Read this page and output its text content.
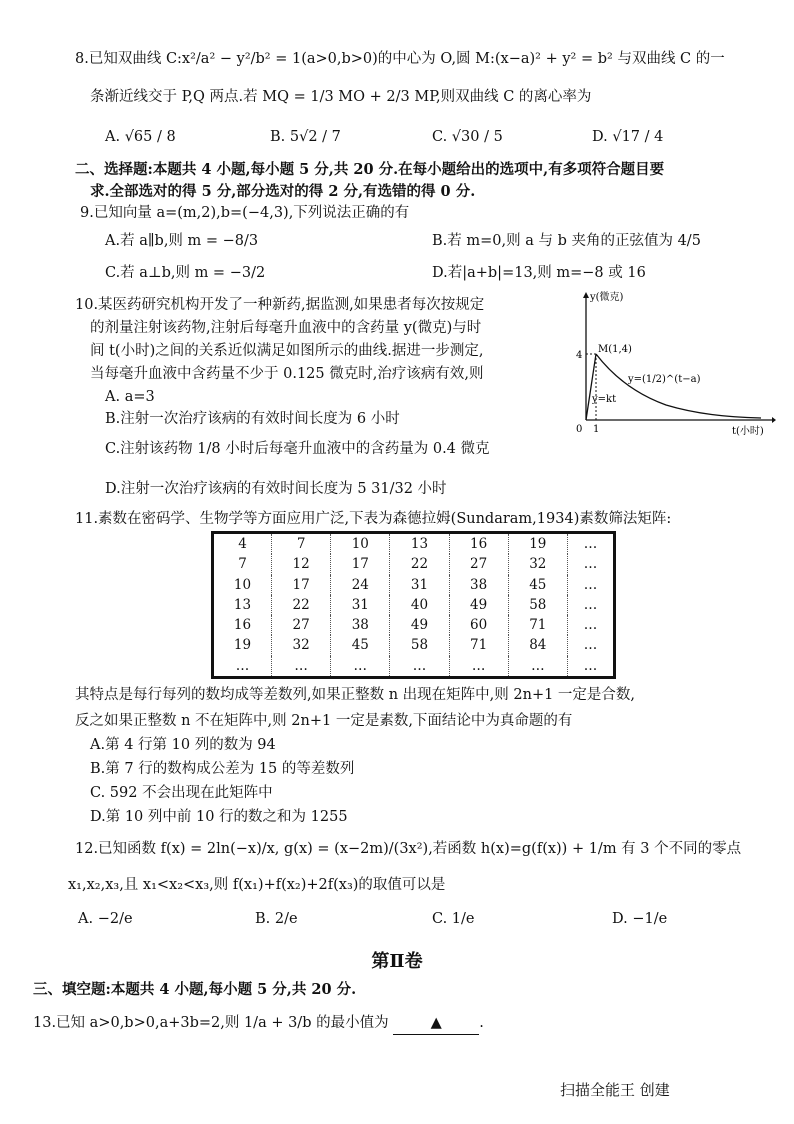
8.已知双曲线 C:x²/a² − y²/b² = 1(a>0,b>0)的中心为 O,圆 M:(x−a)² + y² = b² 与双曲线 C 的一
条渐近线交于 P,Q 两点.若 MQ = 1/3 MO + 2/3 MP,则双曲线 C 的离心率为
A. √65 / 8	B. 5√2 / 7	C. √30 / 5	D. √17 / 4
二、选择题:本题共 4 小题,每小题 5 分,共 20 分.在每小题给出的选项中,有多项符合题目要
求.全部选对的得 5 分,部分选对的得 2 分,有选错的得 0 分.
9.已知向量 a=(m,2),b=(−4,3),下列说法正确的有
A.若 a∥b,则 m = −8/3	B.若 m=0,则 a 与 b 夹角的正弦值为 4/5
C.若 a⊥b,则 m = −3/2	D.若|a+b|=13,则 m=−8 或 16
10.某医药研究机构开发了一种新药,据监测,如果患者每次按规定
的剂量注射该药物,注射后每毫升血液中的含药量 y(微克)与时
间 t(小时)之间的关系近似满足如图所示的曲线.据进一步测定,
当每毫升血液中含药量不少于 0.125 微克时,治疗该病有效,则
A. a=3
B.注射一次治疗该病的有效时间长度为 6 小时
C.注射该药物 1/8 小时后每毫升血液中的含药量为 0.4 微克
D.注射一次治疗该病的有效时间长度为 5 31/32 小时
y(微克)
t(小时)
M(1,4)
4
1
0
y=(1/2)^(t−a)
y=kt
11.素数在密码学、生物学等方面应用广泛,下表为森德拉姆(Sundaram,1934)素数筛法矩阵:
4	7	10	13	16	19	…
7	12	17	22	27	32	…
10	17	24	31	38	45	…
13	22	31	40	49	58	…
16	27	38	49	60	71	…
19	32	45	58	71	84	…
…	…	…	…	…	…	…
其特点是每行每列的数均成等差数列,如果正整数 n 出现在矩阵中,则 2n+1 一定是合数,
反之如果正整数 n 不在矩阵中,则 2n+1 一定是素数,下面结论中为真命题的有
A.第 4 行第 10 列的数为 94
B.第 7 行的数构成公差为 15 的等差数列
C. 592 不会出现在此矩阵中
D.第 10 列中前 10 行的数之和为 1255
12.已知函数 f(x) = 2ln(−x)/x, g(x) = (x−2m)/(3x²),若函数 h(x)=g(f(x)) + 1/m 有 3 个不同的零点
x₁,x₂,x₃,且 x₁<x₂<x₃,则 f(x₁)+f(x₂)+2f(x₃)的取值可以是
A. −2/e	B. 2/e	C. 1/e	D. −1/e
第Ⅱ卷
三、填空题:本题共 4 小题,每小题 5 分,共 20 分.
13.已知 a>0,b>0,a+3b=2,则 1/a + 3/b 的最小值为	▲	.
扫描全能王 创建
